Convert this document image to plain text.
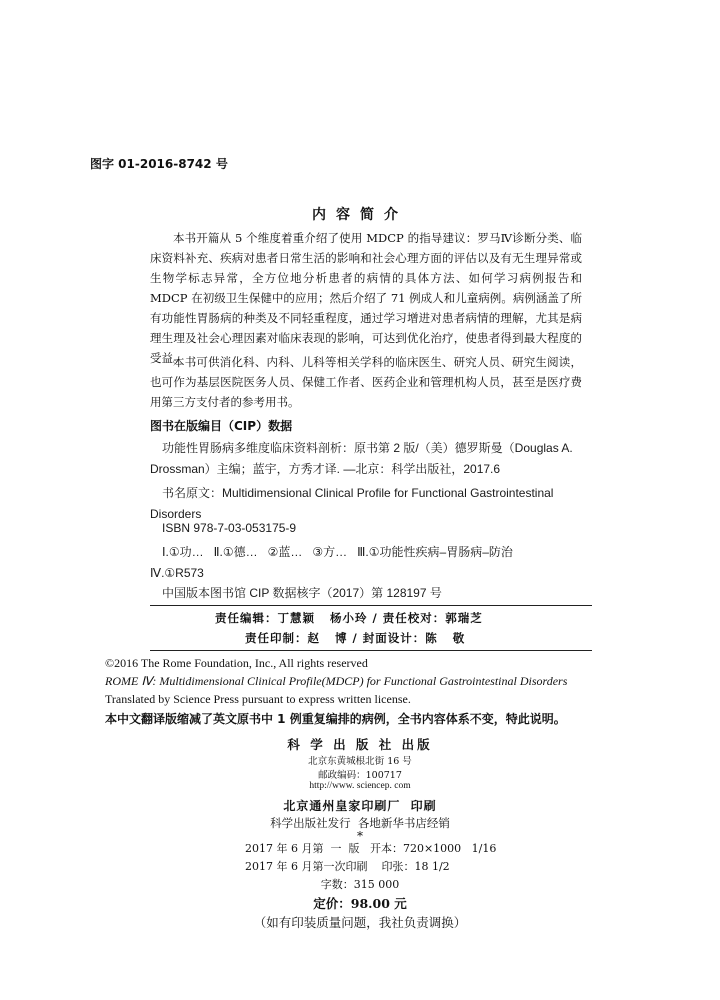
图字 01-2016-8742 号
内容简介
本书开篇从 5 个维度着重介绍了使用 MDCP 的指导建议：罗马Ⅳ诊断分类、临床资料补充、疾病对患者日常生活的影响和社会心理方面的评估以及有无生理异常或生物学标志异常，全方位地分析患者的病情的具体方法、如何学习病例报告和 MDCP 在初级卫生保健中的应用；然后介绍了 71 例成人和儿童病例。病例涵盖了所有功能性胃肠病的种类及不同轻重程度，通过学习增进对患者病情的理解，尤其是病理生理及社会心理因素对临床表现的影响，可达到优化治疗，使患者得到最大程度的受益。
本书可供消化科、内科、儿科等相关学科的临床医生、研究人员、研究生阅读，也可作为基层医院医务人员、保健工作者、医药企业和管理机构人员，甚至是医疗费用第三方支付者的参考用书。
图书在版编目（CIP）数据
功能性胃肠病多维度临床资料剖析：原书第 2 版/（美）德罗斯曼（Douglas A. Drossman）主编；蓝宇，方秀才译. —北京：科学出版社，2017.6
书名原文：Multidimensional Clinical Profile for Functional Gastrointestinal Disorders
ISBN 978-7-03-053175-9
Ⅰ.①功…   Ⅱ.①德…   ②蓝…   ③方…   Ⅲ.①功能性疾病–胃肠病–防治
Ⅳ.①R573
中国版本图书馆 CIP 数据核字（2017）第 128197 号
责任编辑：丁慧颖   杨小玲 / 责任校对：郭瑞芝
责任印制：赵   博 / 封面设计：陈   敬
©2016 The Rome Foundation, Inc., All rights reserved
ROME Ⅳ: Multidimensional Clinical Profile(MDCP) for Functional Gastrointestinal Disorders
Translated by Science Press pursuant to express written license.
本中文翻译版缩减了英文原书中 1 例重复编排的病例，全书内容体系不变，特此说明。
科 学 出 版 社 出版
北京东黄城根北街 16 号
邮政编码：100717
http://www. sciencep. com
北京通州皇家印刷厂  印刷
科学出版社发行  各地新华书店经销
*
2017 年 6 月第  一  版   开本：720×1000   1/16
2017 年 6 月第一次印刷    印张：18 1/2
字数：315 000
定价：98.00 元
（如有印装质量问题，我社负责调换）
